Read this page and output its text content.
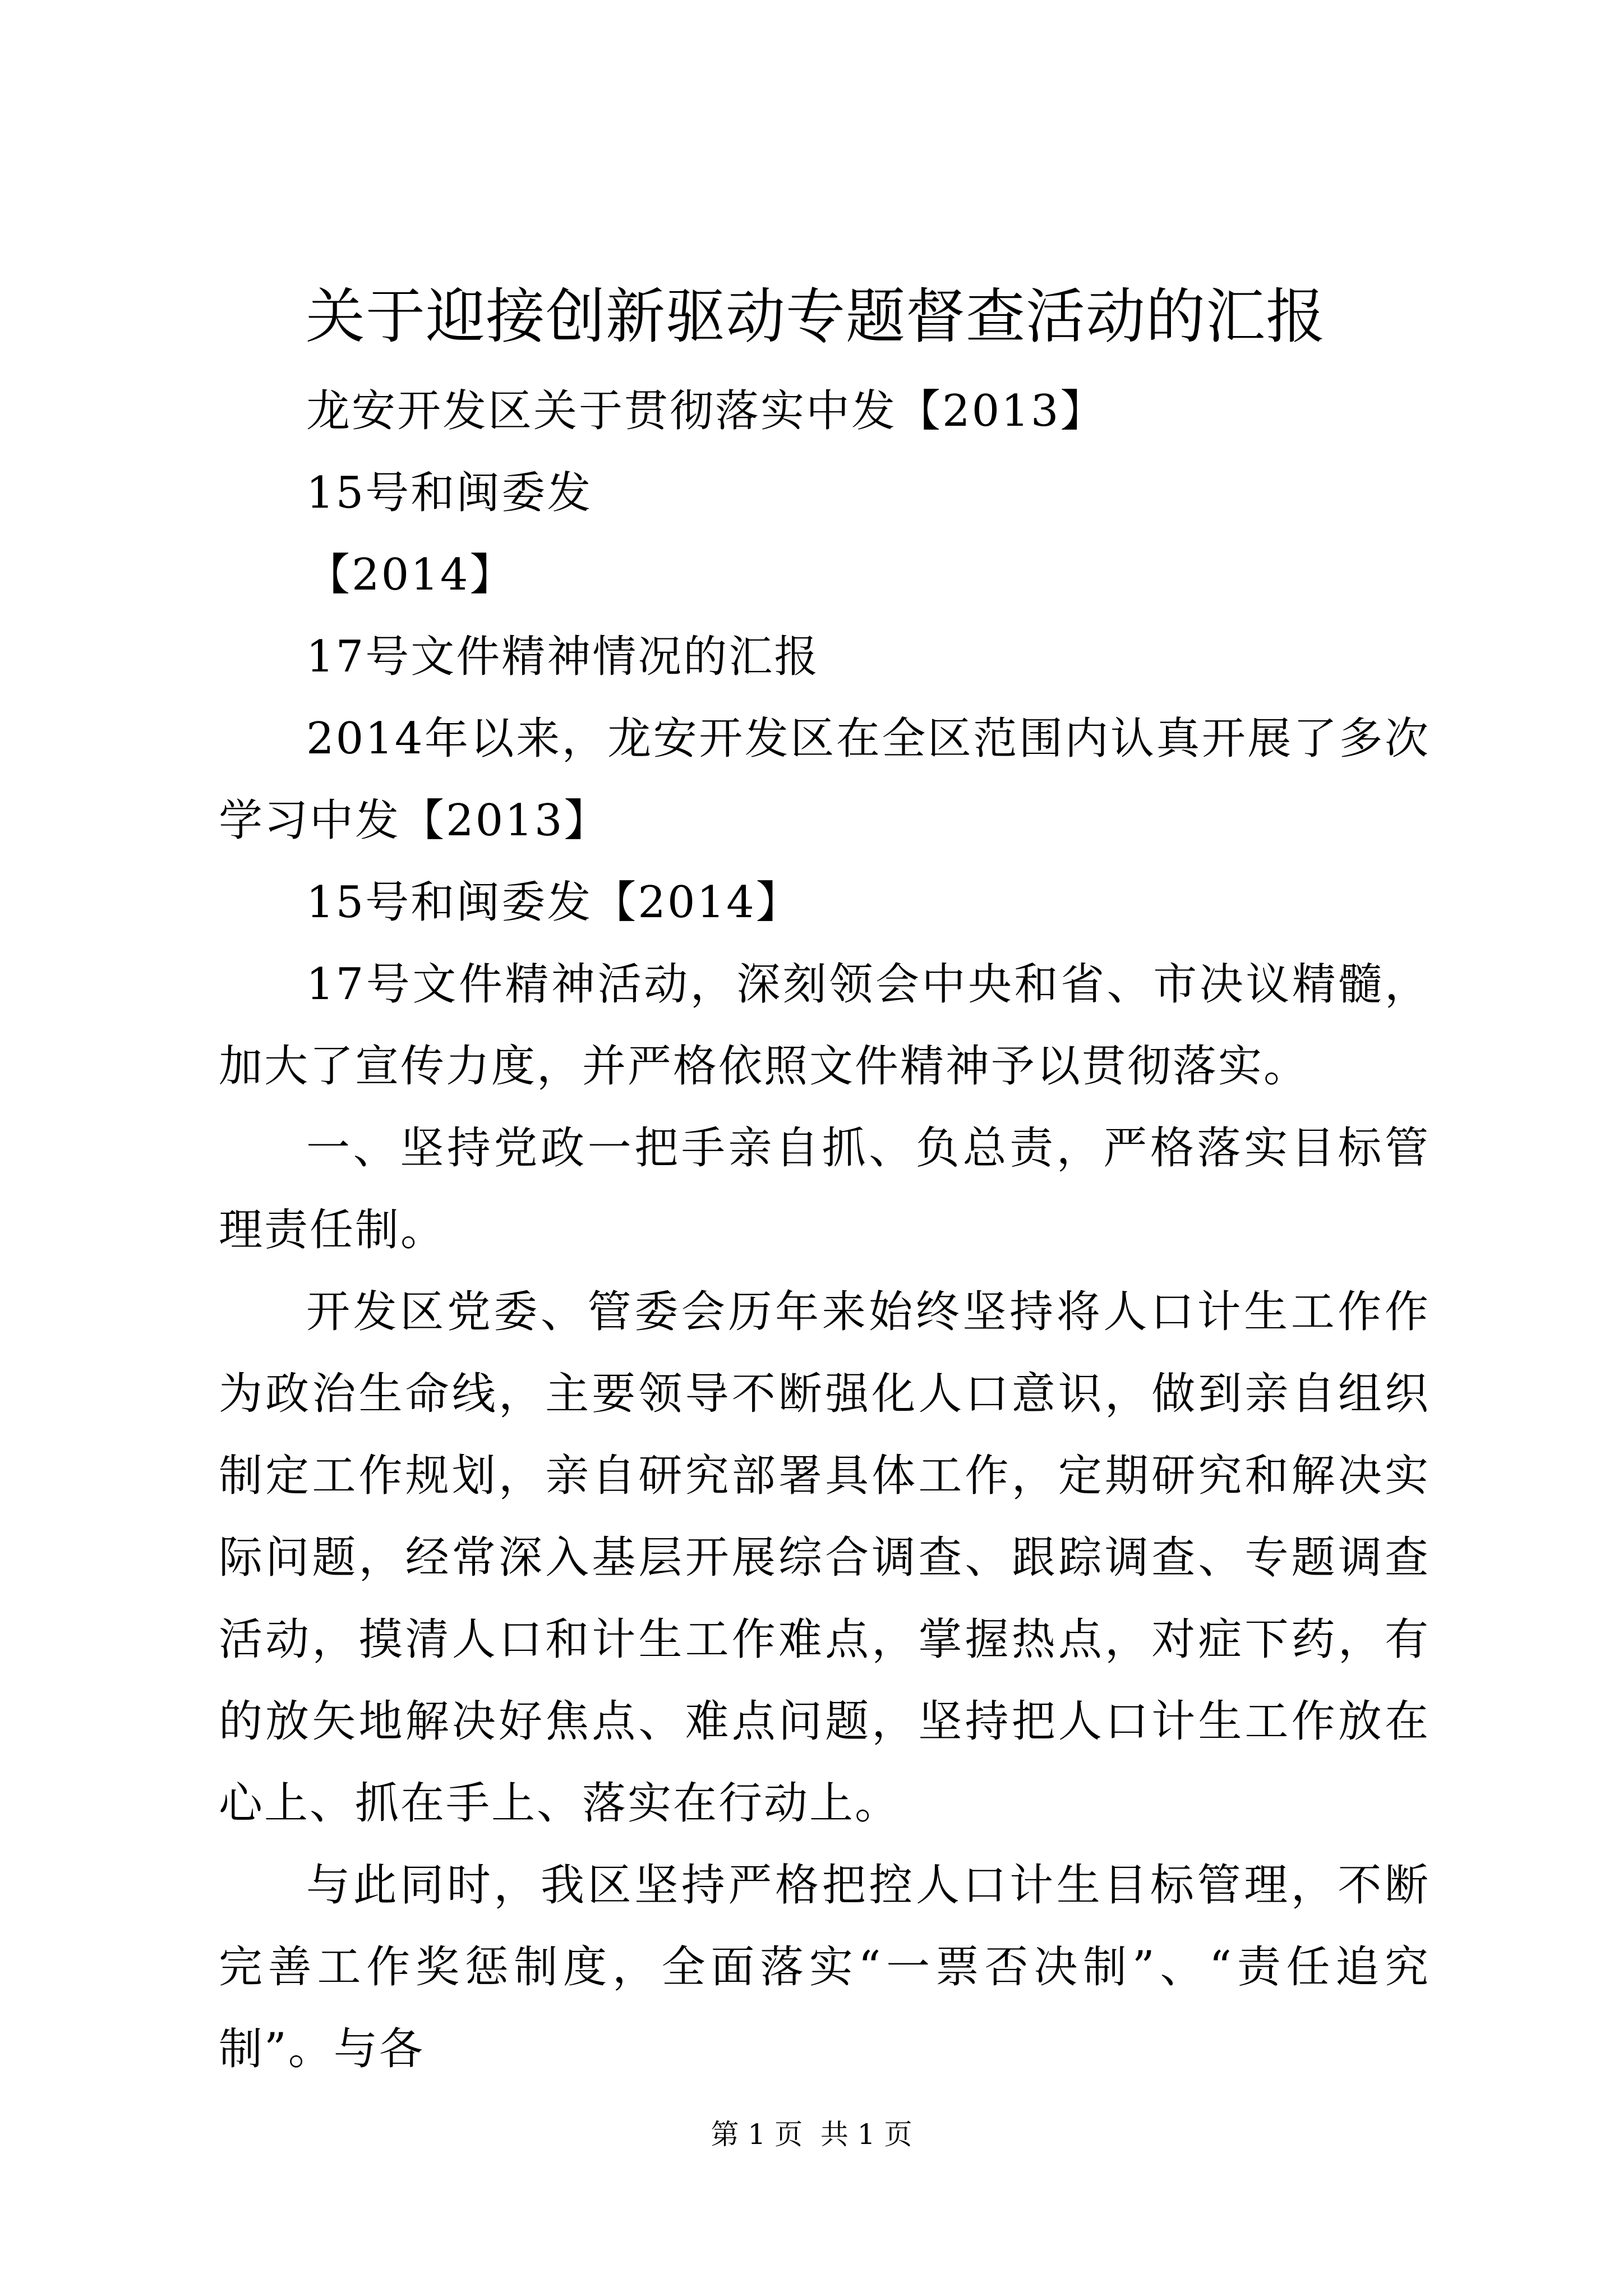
关于迎接创新驱动专题督查活动的汇报

龙安开发区关于贯彻落实中发【2013】

15号和闽委发

【2014】

17号文件精神情况的汇报

2014年以来，龙安开发区在全区范围内认真开展了多次学习中发【2013】

15号和闽委发【2014】

17号文件精神活动，深刻领会中央和省、市决议精髓，加大了宣传力度，并严格依照文件精神予以贯彻落实。

一、坚持党政一把手亲自抓、负总责，严格落实目标管理责任制。

开发区党委、管委会历年来始终坚持将人口计生工作作为政治生命线，主要领导不断强化人口意识，做到亲自组织制定工作规划，亲自研究部署具体工作，定期研究和解决实际问题，经常深入基层开展综合调查、跟踪调查、专题调查活动，摸清人口和计生工作难点，掌握热点，对症下药，有的放矢地解决好焦点、难点问题，坚持把人口计生工作放在心上、抓在手上、落实在行动上。

与此同时，我区坚持严格把控人口计生目标管理，不断完善工作奖惩制度，全面落实“一票否决制”、“责任追究制”。与各

第 1 页  共 1 页
